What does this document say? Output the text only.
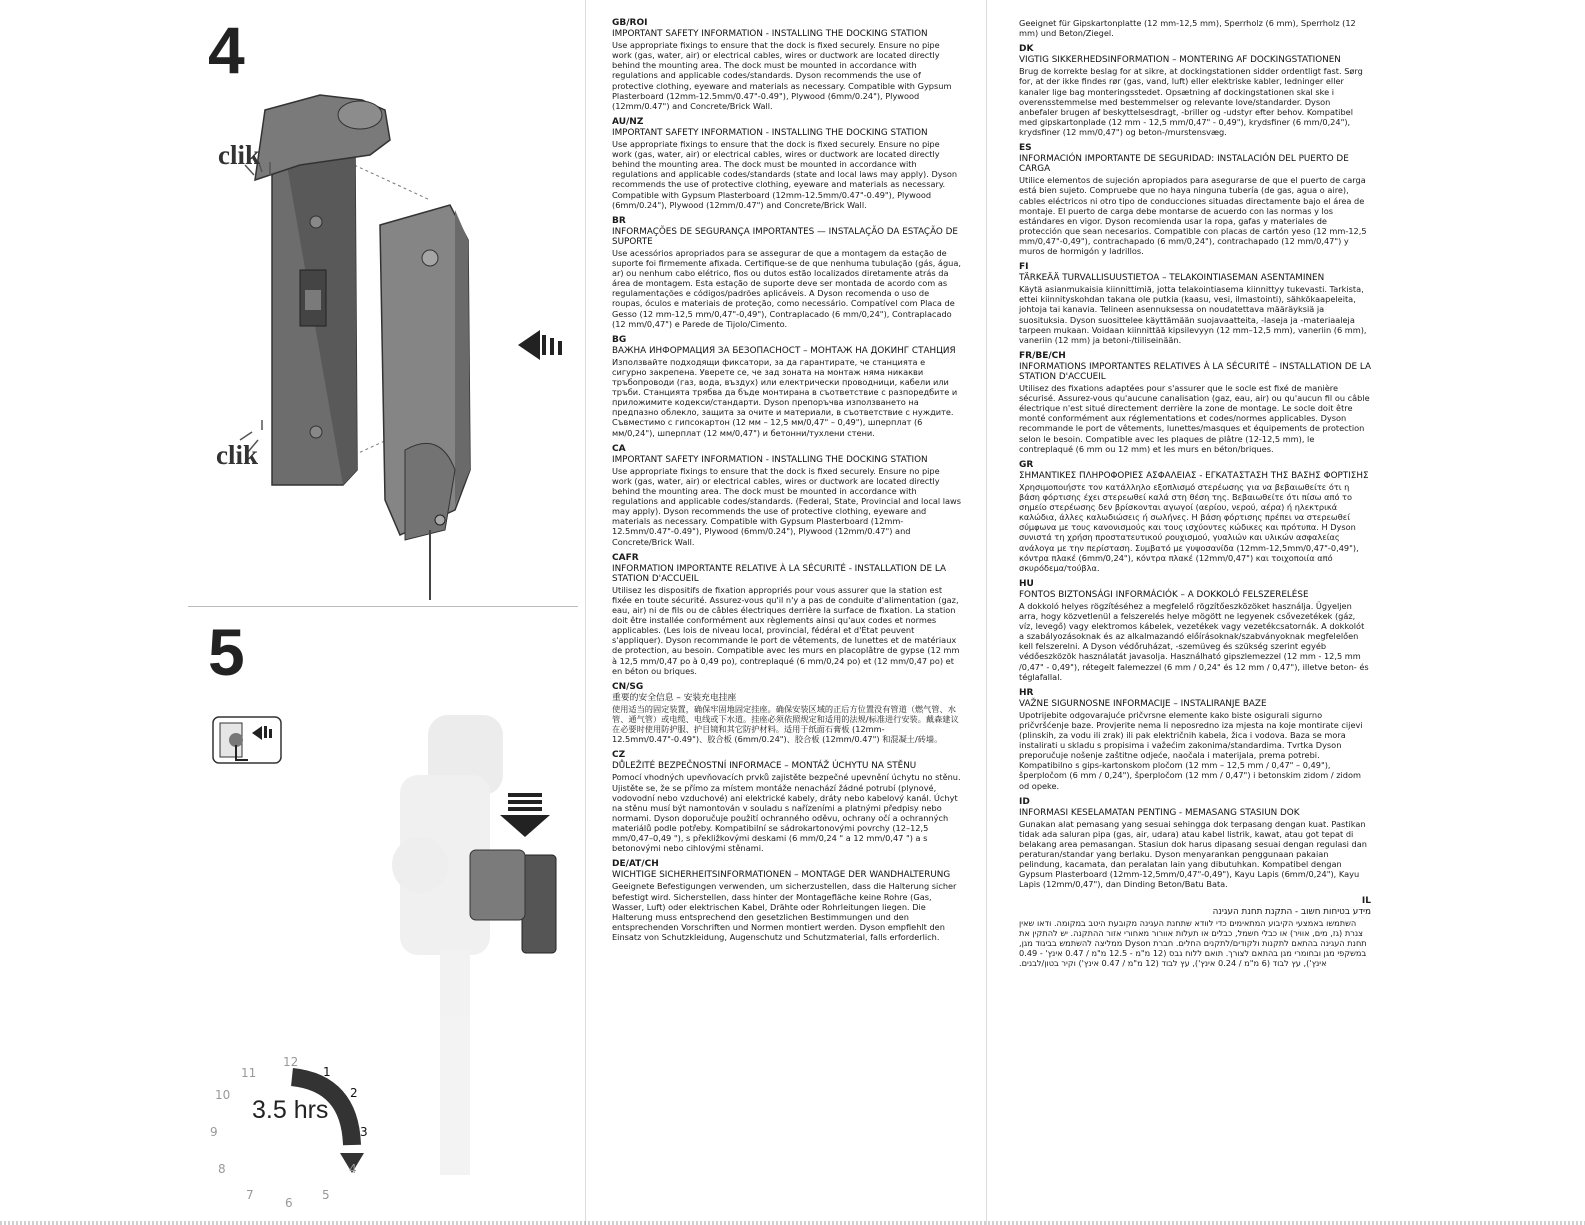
4
clik
clik
5
12
1
2
3
4
5
6
7
8
9
10
11
3.5 hrs
GB/ROI
IMPORTANT SAFETY INFORMATION - INSTALLING THE DOCKING STATION
Use appropriate fixings to ensure that the dock is fixed securely. Ensure no pipe work (gas, water, air) or electrical cables, wires or ductwork are located directly behind the mounting area. The dock must be mounted in accordance with regulations and applicable codes/standards. Dyson recommends the use of protective clothing, eyeware and materials as necessary. Compatible with Gypsum Plasterboard (12mm-12.5mm/0.47"-0.49"), Plywood (6mm/0.24"), Plywood (12mm/0.47") and Concrete/Brick Wall.
AU/NZ
IMPORTANT SAFETY INFORMATION - INSTALLING THE DOCKING STATION
Use appropriate fixings to ensure that the dock is fixed securely. Ensure no pipe work (gas, water, air) or electrical cables, wires or ductwork are located directly behind the mounting area. The dock must be mounted in accordance with regulations and applicable codes/standards (state and local laws may apply). Dyson recommends the use of protective clothing, eyeware and materials as necessary. Compatible with Gypsum Plasterboard (12mm-12.5mm/0.47"-0.49"), Plywood (6mm/0.24"), Plywood (12mm/0.47") and Concrete/Brick Wall.
BR
INFORMAÇÕES DE SEGURANÇA IMPORTANTES — INSTALAÇÃO DA ESTAÇÃO DE SUPORTE
Use acessórios apropriados para se assegurar de que a montagem da estação de suporte foi firmemente afixada. Certifique-se de que nenhuma tubulação (gás, água, ar) ou nenhum cabo elétrico, fios ou dutos estão localizados diretamente atrás da área de montagem. Esta estação de suporte deve ser montada de acordo com as regulamentações e códigos/padrões aplicáveis. A Dyson recomenda o uso de roupas, óculos e materiais de proteção, como necessário. Compatível com Placa de Gesso (12 mm-12,5 mm/0,47"-0,49"), Contraplacado (6 mm/0,24"), Contraplacado (12 mm/0,47") e Parede de Tijolo/Cimento.
BG
ВАЖНА ИНФОРМАЦИЯ ЗА БЕЗОПАСНОСТ – МОНТАЖ НА ДОКИНГ СТАНЦИЯ
Използвайте подходящи фиксатори, за да гарантирате, че станцията е сигурно закрепена. Уверете се, че зад зоната на монтаж няма никакви тръбопроводи (газ, вода, въздух) или електрически проводници, кабели или тръби. Станцията трябва да бъде монтирана в съответствие с разпоредбите и приложимите кодекси/стандарти. Dyson препоръчва използването на предпазно облекло, защита за очите и материали, в съответствие с нуждите. Съвместимо с гипсокартон (12 мм – 12,5 мм/0,47" – 0,49"), шперплат (6 мм/0,24"), шперплат (12 мм/0,47") и бетонни/тухлени стени.
CA
IMPORTANT SAFETY INFORMATION - INSTALLING THE DOCKING STATION
Use appropriate fixings to ensure that the dock is fixed securely. Ensure no pipe work (gas, water, air) or electrical cables, wires or ductwork are located directly behind the mounting area. The dock must be mounted in accordance with regulations and applicable codes/standards. (Federal, State, Provincial and local laws may apply). Dyson recommends the use of protective clothing, eyeware and materials as necessary. Compatible with Gypsum Plasterboard (12mm-12.5mm/0.47"-0.49"), Plywood (6mm/0.24"), Plywood (12mm/0.47") and Concrete/Brick Wall.
CAFR
INFORMATION IMPORTANTE RELATIVE À LA SÉCURITÉ - INSTALLATION DE LA STATION D'ACCUEIL
Utilisez les dispositifs de fixation appropriés pour vous assurer que la station est fixée en toute sécurité. Assurez-vous qu'il n'y a pas de conduite d'alimentation (gaz, eau, air) ni de fils ou de câbles électriques derrière la surface de fixation. La station doit être installée conformément aux règlements ainsi qu'aux codes et normes applicables. (Les lois de niveau local, provincial, fédéral et d'État peuvent s'appliquer). Dyson recommande le port de vêtements, de lunettes et de matériaux de protection, au besoin. Compatible avec les murs en placoplâtre de gypse (12 mm à 12,5 mm/0,47 po à 0,49 po), contreplaqué (6 mm/0,24 po) et (12 mm/0,47 po) et en béton ou briques.
CN/SG
重要的安全信息 – 安装充电挂座
使用适当的固定装置，确保牢固地固定挂座。确保安装区域的正后方位置没有管道（燃气管、水管、通气管）或电缆、电线或下水道。挂座必须依照规定和适用的法规/标准进行安装。戴森建议在必要时使用防护服、护目镜和其它防护材料。适用于纸面石膏板 (12mm-12.5mm/0.47"-0.49")、胶合板 (6mm/0.24")、胶合板 (12mm/0.47") 和混凝土/砖墙。
CZ
DŮLEŽITÉ BEZPEČNOSTNÍ INFORMACE – MONTÁŽ ÚCHYTU NA STĚNU
Pomocí vhodných upevňovacích prvků zajistěte bezpečné upevnění úchytu no stěnu. Ujistěte se, že se přímo za místem montáže nenachází žádné potrubí (plynové, vodovodní nebo vzduchové) ani elektrické kabely, dráty nebo kabelový kanál. Úchyt na stěnu musí být namontován v souladu s nařízeními a platnými předpisy nebo normami. Dyson doporučuje použití ochranného oděvu, ochrany očí a ochranných materiálů podle potřeby. Kompatibilní se sádrokartonovými povrchy (12–12,5 mm/0,47–0,49 "), s překližkovými deskami (6 mm/0,24 " a 12 mm/0,47 ") a s betonovými nebo cihlovými stěnami.
DE/AT/CH
WICHTIGE SICHERHEITSINFORMATIONEN – MONTAGE DER WANDHALTERUNG
Geeignete Befestigungen verwenden, um sicherzustellen, dass die Halterung sicher befestigt wird. Sicherstellen, dass hinter der Montagefläche keine Rohre (Gas, Wasser, Luft) oder elektrischen Kabel, Drähte oder Rohrleitungen liegen. Die Halterung muss entsprechend den gesetzlichen Bestimmungen und den entsprechenden Vorschriften und Normen montiert werden. Dyson empfiehlt den Einsatz von Schutzkleidung, Augenschutz und Schutzmaterial, falls erforderlich.
Geeignet für Gipskartonplatte (12 mm-12,5 mm), Sperrholz (6 mm), Sperrholz (12 mm) und Beton/Ziegel.
DK
VIGTIG SIKKERHEDSINFORMATION – MONTERING AF DOCKINGSTATIONEN
Brug de korrekte beslag for at sikre, at dockingstationen sidder ordentligt fast. Sørg for, at der ikke findes rør (gas, vand, luft) eller elektriske kabler, ledninger eller kanaler lige bag monteringsstedet. Opsætning af dockingstationen skal ske i overensstemmelse med bestemmelser og relevante love/standarder. Dyson anbefaler brugen af beskyttelsesdragt, -briller og -udstyr efter behov. Kompatibel med gipskartonplade (12 mm - 12,5 mm/0,47" - 0,49"), krydsfiner (6 mm/0,24"), krydsfiner (12 mm/0,47") og beton-/murstensvæg.
ES
INFORMACIÓN IMPORTANTE DE SEGURIDAD: INSTALACIÓN DEL PUERTO DE CARGA
Utilice elementos de sujeción apropiados para asegurarse de que el puerto de carga está bien sujeto. Compruebe que no haya ninguna tubería (de gas, agua o aire), cables eléctricos ni otro tipo de conducciones situadas directamente bajo el área de montaje. El puerto de carga debe montarse de acuerdo con las normas y los estándares en vigor. Dyson recomienda usar la ropa, gafas y materiales de protección que sean necesarios. Compatible con placas de cartón yeso (12 mm-12,5 mm/0,47"-0,49"), contrachapado (6 mm/0,24"), contrachapado (12 mm/0,47") y muros de hormigón y ladrillos.
FI
TÄRKEÄÄ TURVALLISUUSTIETOA – TELAKOINTIASEMAN ASENTAMINEN
Käytä asianmukaisia kiinnittimiä, jotta telakointiasema kiinnittyy tukevasti. Tarkista, ettei kiinnityskohdan takana ole putkia (kaasu, vesi, ilmastointi), sähkökaapeleita, johtoja tai kanavia. Telineen asennuksessa on noudatettava määräyksiä ja suosituksia. Dyson suosittelee käyttämään suojavaatteita, -laseja ja -materiaaleja tarpeen mukaan. Voidaan kiinnittää kipsilevyyn (12 mm–12,5 mm), vaneriin (6 mm), vaneriin (12 mm) ja betoni-/tiiliseinään.
FR/BE/CH
INFORMATIONS IMPORTANTES RELATIVES À LA SÉCURITÉ – INSTALLATION DE LA STATION D'ACCUEIL
Utilisez des fixations adaptées pour s'assurer que le socle est fixé de manière sécurisé. Assurez-vous qu'aucune canalisation (gaz, eau, air) ou qu'aucun fil ou câble électrique n'est situé directement derrière la zone de montage. Le socle doit être monté conformément aux réglementations et codes/normes applicables. Dyson recommande le port de vêtements, lunettes/masques et équipements de protection selon le besoin. Compatible avec les plaques de plâtre (12-12,5 mm), le contreplaqué (6 mm ou 12 mm) et les murs en béton/briques.
GR
ΣΗΜΑΝΤΙΚΕΣ ΠΛΗΡΟΦΟΡΙΕΣ ΑΣΦΑΛΕΙΑΣ - ΕΓΚΑΤΑΣΤΑΣΗ ΤΗΣ ΒΑΣΗΣ ΦΟΡΤΙΣΗΣ
Χρησιμοποιήστε τον κατάλληλο εξοπλισμό στερέωσης για να βεβαιωθείτε ότι η βάση φόρτισης έχει στερεωθεί καλά στη θέση της. Βεβαιωθείτε ότι πίσω από το σημείο στερέωσης δεν βρίσκονται αγωγοί (αερίου, νερού, αέρα) ή ηλεκτρικά καλώδια, άλλες καλωδιώσεις ή σωλήνες. Η βάση φόρτισης πρέπει να στερεωθεί σύμφωνα με τους κανονισμούς και τους ισχύοντες κώδικες και πρότυπα. Η Dyson συνιστά τη χρήση προστατευτικού ρουχισμού, γυαλιών και υλικών ασφαλείας ανάλογα με την περίσταση. Συμβατό με γυψοσανίδα (12mm-12,5mm/0,47"-0,49"), κόντρα πλακέ (6mm/0,24"), κόντρα πλακέ (12mm/0,47") και τοιχοποιία από σκυρόδεμα/τούβλα.
HU
FONTOS BIZTONSÁGI INFORMÁCIÓK – A DOKKOLÓ FELSZERELÉSE
A dokkoló helyes rögzítéséhez a megfelelő rögzítőeszközöket használja. Ügyeljen arra, hogy közvetlenül a felszerelés helye mögött ne legyenek csővezetékek (gáz, víz, levegő) vagy elektromos kábelek, vezetékek vagy vezetékcsatornák. A dokkolót a szabályozásoknak és az alkalmazandó előírásoknak/szabványoknak megfelelően kell felszerelni. A Dyson védőruházat, -szemüveg és szükség szerint egyéb védőeszközök használatát javasolja. Használható gipszlemezzel (12 mm - 12,5 mm /0,47" - 0,49"), rétegelt falemezzel (6 mm / 0,24" és 12 mm / 0,47"), illetve beton- és téglafallal.
HR
VAŽNE SIGURNOSNE INFORMACIJE – INSTALIRANJE BAZE
Upotrijebite odgovarajuće pričvrsne elemente kako biste osigurali sigurno pričvršćenje baze. Provjerite nema li neposredno iza mjesta na koje montirate cijevi (plinskih, za vodu ili zrak) ili pak električnih kabela, žica i vodova. Baza se mora instalirati u skladu s propisima i važećim zakonima/standardima. Tvrtka Dyson preporučuje nošenje zaštitne odjeće, naočala i materijala, prema potrebi. Kompatibilno s gips-kartonskom pločom (12 mm – 12,5 mm / 0,47" – 0,49"), šperpločom (6 mm / 0,24"), šperpločom (12 mm / 0,47") i betonskim zidom / zidom od opeke.
ID
INFORMASI KESELAMATAN PENTING - MEMASANG STASIUN DOK
Gunakan alat pemasang yang sesuai sehingga dok terpasang dengan kuat. Pastikan tidak ada saluran pipa (gas, air, udara) atau kabel listrik, kawat, atau got tepat di belakang area pemasangan. Stasiun dok harus dipasang sesuai dengan regulasi dan peraturan/standar yang berlaku. Dyson menyarankan penggunaan pakaian pelindung, kacamata, dan peralatan lain yang dibutuhkan. Kompatibel dengan Gypsum Plasterboard (12mm-12,5mm/0,47"-0,49"), Kayu Lapis (6mm/0,24"), Kayu Lapis (12mm/0,47"), dan Dinding Beton/Batu Bata.
IL
מידע בטיחות חשוב - התקנת תחנת העגינה
השתמשו באמצעי הקיבוע המתאימים כדי לוודא שתחנת העגינה מקובעת היטב במקומה. ודאו שאין צנרת (גז, מים, אוויר) או כבלי חשמל, כבלים או תעלות אוורור מאחורי אזור ההתקנה. יש להתקין את תחנת העגינה בהתאם לתקנות ולקודים/לתקנים החלים. חברת Dyson ממליצה להשתמש בביגוד מגן, במשקפי מגן ובחומרי מגן בהתאם לצורך. תואם ללוח גבס (12 מ"מ - 12.5 מ"מ / 0.47 אינץ' - 0.49 אינץ'), עץ לבוד (6 מ"מ / 0.24 אינץ'), עץ לבוד (12 מ"מ / 0.47 אינץ') וקיר בטון/לבנים.
